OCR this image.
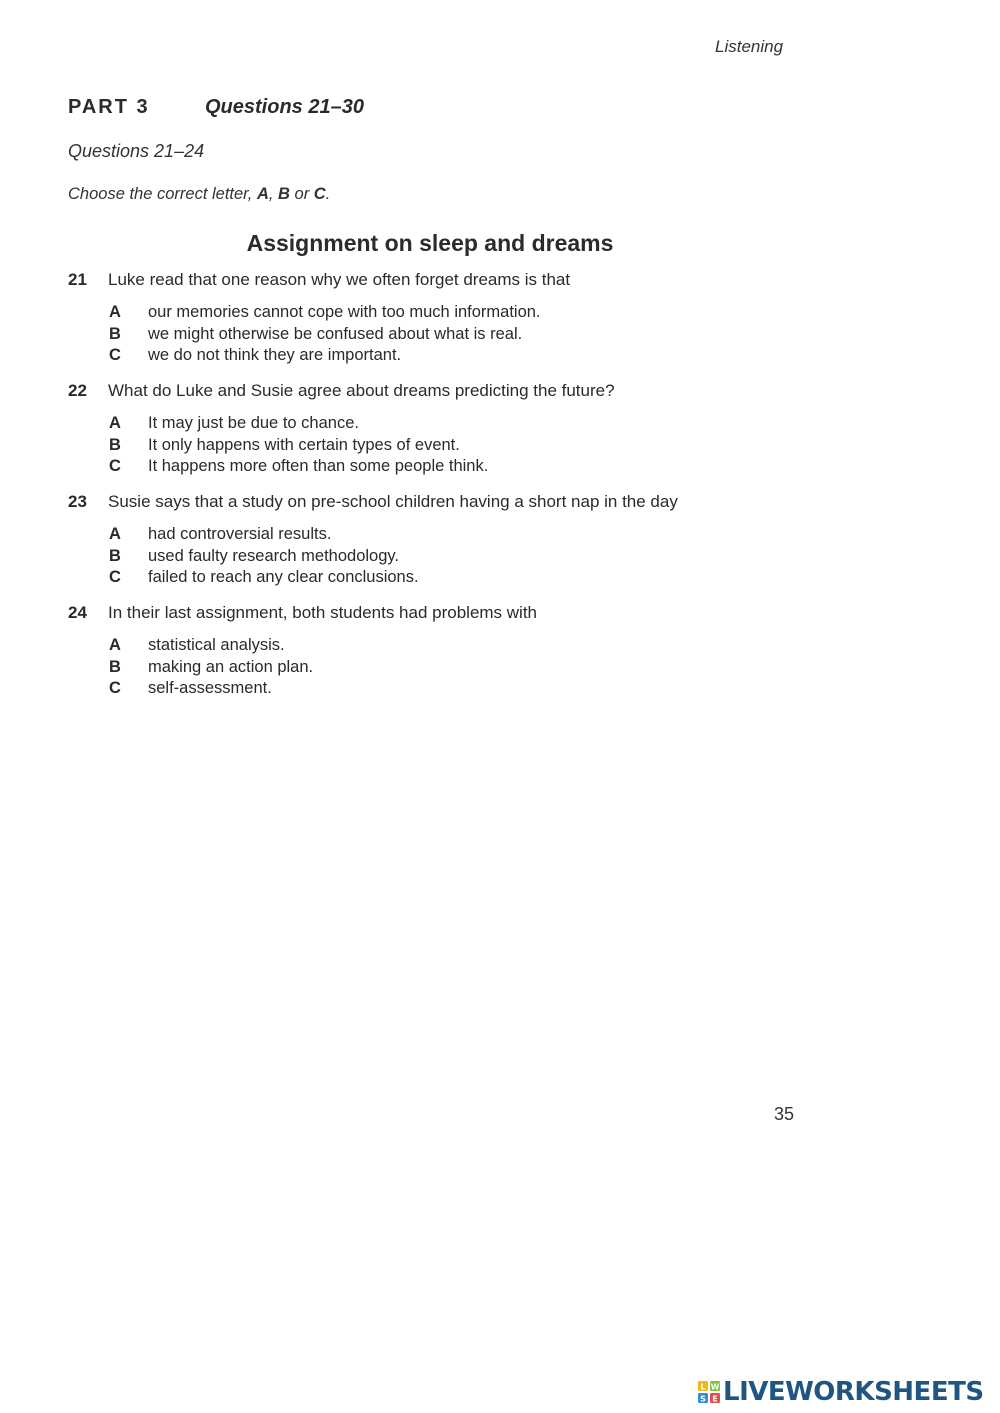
Listening
PART 3	Questions 21–30
Questions 21–24
Choose the correct letter, A, B or C.
Assignment on sleep and dreams
21 Luke read that one reason why we often forget dreams is that
A our memories cannot cope with too much information.
B we might otherwise be confused about what is real.
C we do not think they are important.
22 What do Luke and Susie agree about dreams predicting the future?
A It may just be due to chance.
B It only happens with certain types of event.
C It happens more often than some people think.
23 Susie says that a study on pre-school children having a short nap in the day
A had controversial results.
B used faulty research methodology.
C failed to reach any clear conclusions.
24 In their last assignment, both students had problems with
A statistical analysis.
B making an action plan.
C self-assessment.
35
L W
S E LIVEWORKSHEETS
